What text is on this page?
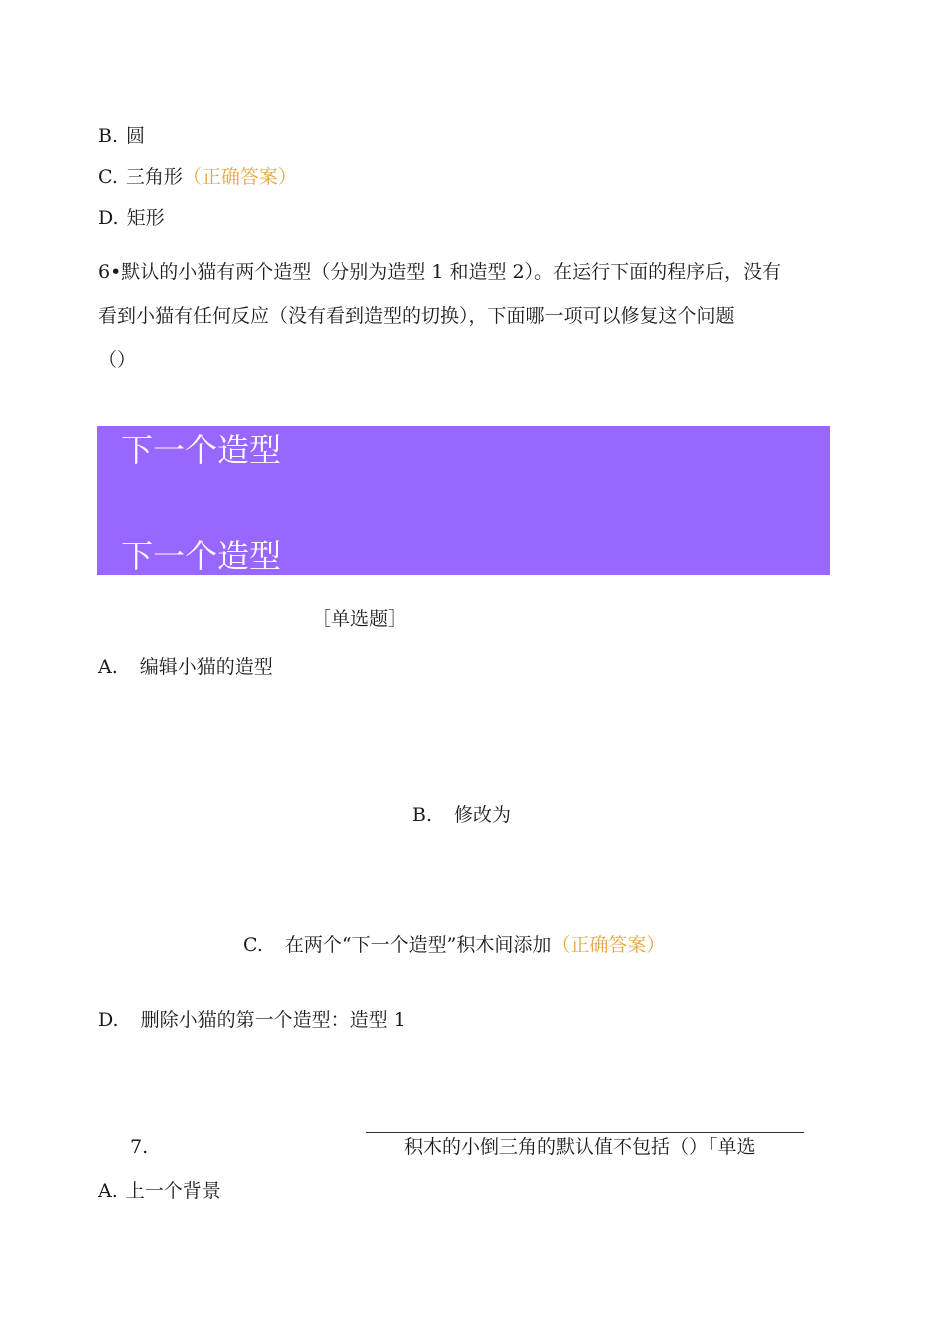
B. 圆
C. 三角形（正确答案）
D. 矩形
6•默认的小猫有两个造型（分别为造型 1 和造型 2）。在运行下面的程序后，没有
看到小猫有任何反应（没有看到造型的切换），下面哪一项可以修复这个问题
（）
下一个造型
下一个造型
［单选题］
A. 编辑小猫的造型
B. 修改为
C. 在两个“下一个造型”积木间添加（正确答案）
D. 删除小猫的第一个造型：造型 1
7.	积木的小倒三角的默认值不包括（）「单选
A. 上一个背景
